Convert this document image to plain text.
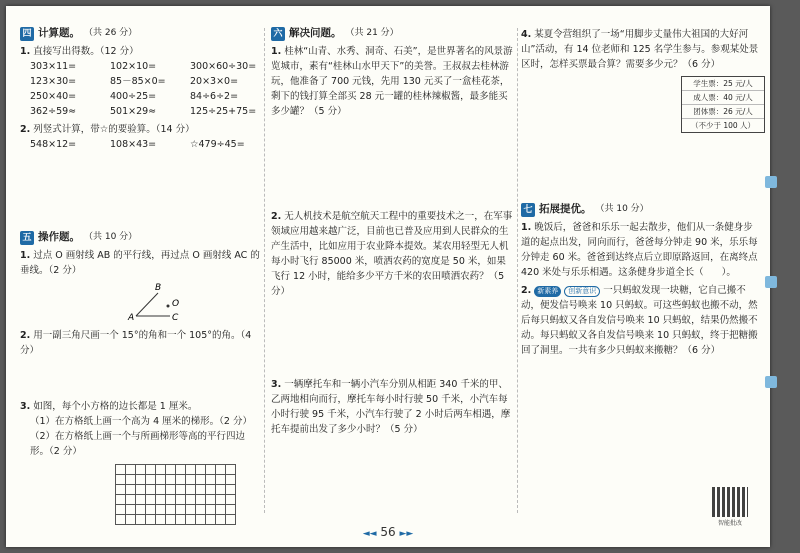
四 计算题。 （共 26 分）
1. 直接写出得数。（12 分）
303×11=	102×10=	300×60÷30=
123×30=	85－85×0=	20×3×0=
250×40=	400÷25=	84÷6÷2=
362÷59≈	501×29≈	125÷25+75=
2. 列竖式计算，带☆的要验算。（14 分）
548×12=	108×43=	☆479÷45=
五 操作题。 （共 10 分）
1. 过点 O 画射线 AB 的平行线，再过点 O 画射线 AC 的垂线。（2 分）
A
B
C
O
2. 用一副三角尺画一个 15°的角和一个 105°的角。（4 分）
3. 如图，每个小方格的边长都是 1 厘米。
（1）在方格纸上画一个高为 4 厘米的梯形。（2 分）
（2）在方格纸上画一个与所画梯形等高的平行四边形。（2 分）
六 解决问题。 （共 21 分）
1. 桂林“山青、水秀、洞奇、石美”，是世界著名的风景游览城市，素有“桂林山水甲天下”的美誉。王叔叔去桂林游玩，他准备了 700 元钱，先用 130 元买了一盒桂花茶，剩下的钱打算全部买 28 元一罐的桂林辣椒酱，最多能买多少罐？（5 分）
2. 无人机技术是航空航天工程中的重要技术之一，在军事领域应用越来越广泛，目前也已普及应用到人民群众的生产生活中，比如应用于农业降本提效。某农用轻型无人机每小时飞行 85000 米，喷洒农药的宽度是 50 米，如果飞行 12 小时，能给多少平方千米的农田喷洒农药？（5 分）
3. 一辆摩托车和一辆小汽车分别从相距 340 千米的甲、乙两地相向而行，摩托车每小时行驶 50 千米，小汽车每小时行驶 95 千米，小汽车行驶了 2 小时后两车相遇，摩托车提前出发了多少小时？（5 分）
4. 某夏令营组织了一场“用脚步丈量伟大祖国的大好河山”活动，有 14 位老师和 125 名学生参与。参观某处景区时，怎样买票最合算？需要多少元？（6 分）
学生票：25 元/人
成人票：40 元/人
团体票：26 元/人
（不少于 100 人）
七 拓展提优。 （共 10 分）
1. 晚饭后，爸爸和乐乐一起去散步，他们从一条健身步道的起点出发，同向而行，爸爸每分钟走 90 米，乐乐每分钟走 60 米。爸爸到达终点后立即原路返回，在离终点 420 米处与乐乐相遇。这条健身步道全长（ ）。
2. 新素养 创新意识 一只蚂蚁发现一块糖，它自己搬不动，便发信号唤来 10 只蚂蚁。可这些蚂蚁也搬不动，然后每只蚂蚁又各自发信号唤来 10 只蚂蚁，结果仍然搬不动。每只蚂蚁又各自发信号唤来 10 只蚂蚁，终于把糖搬回了洞里。一共有多少只蚂蚁来搬糖？（6 分）
智能批改
◄◄ 56 ►►
